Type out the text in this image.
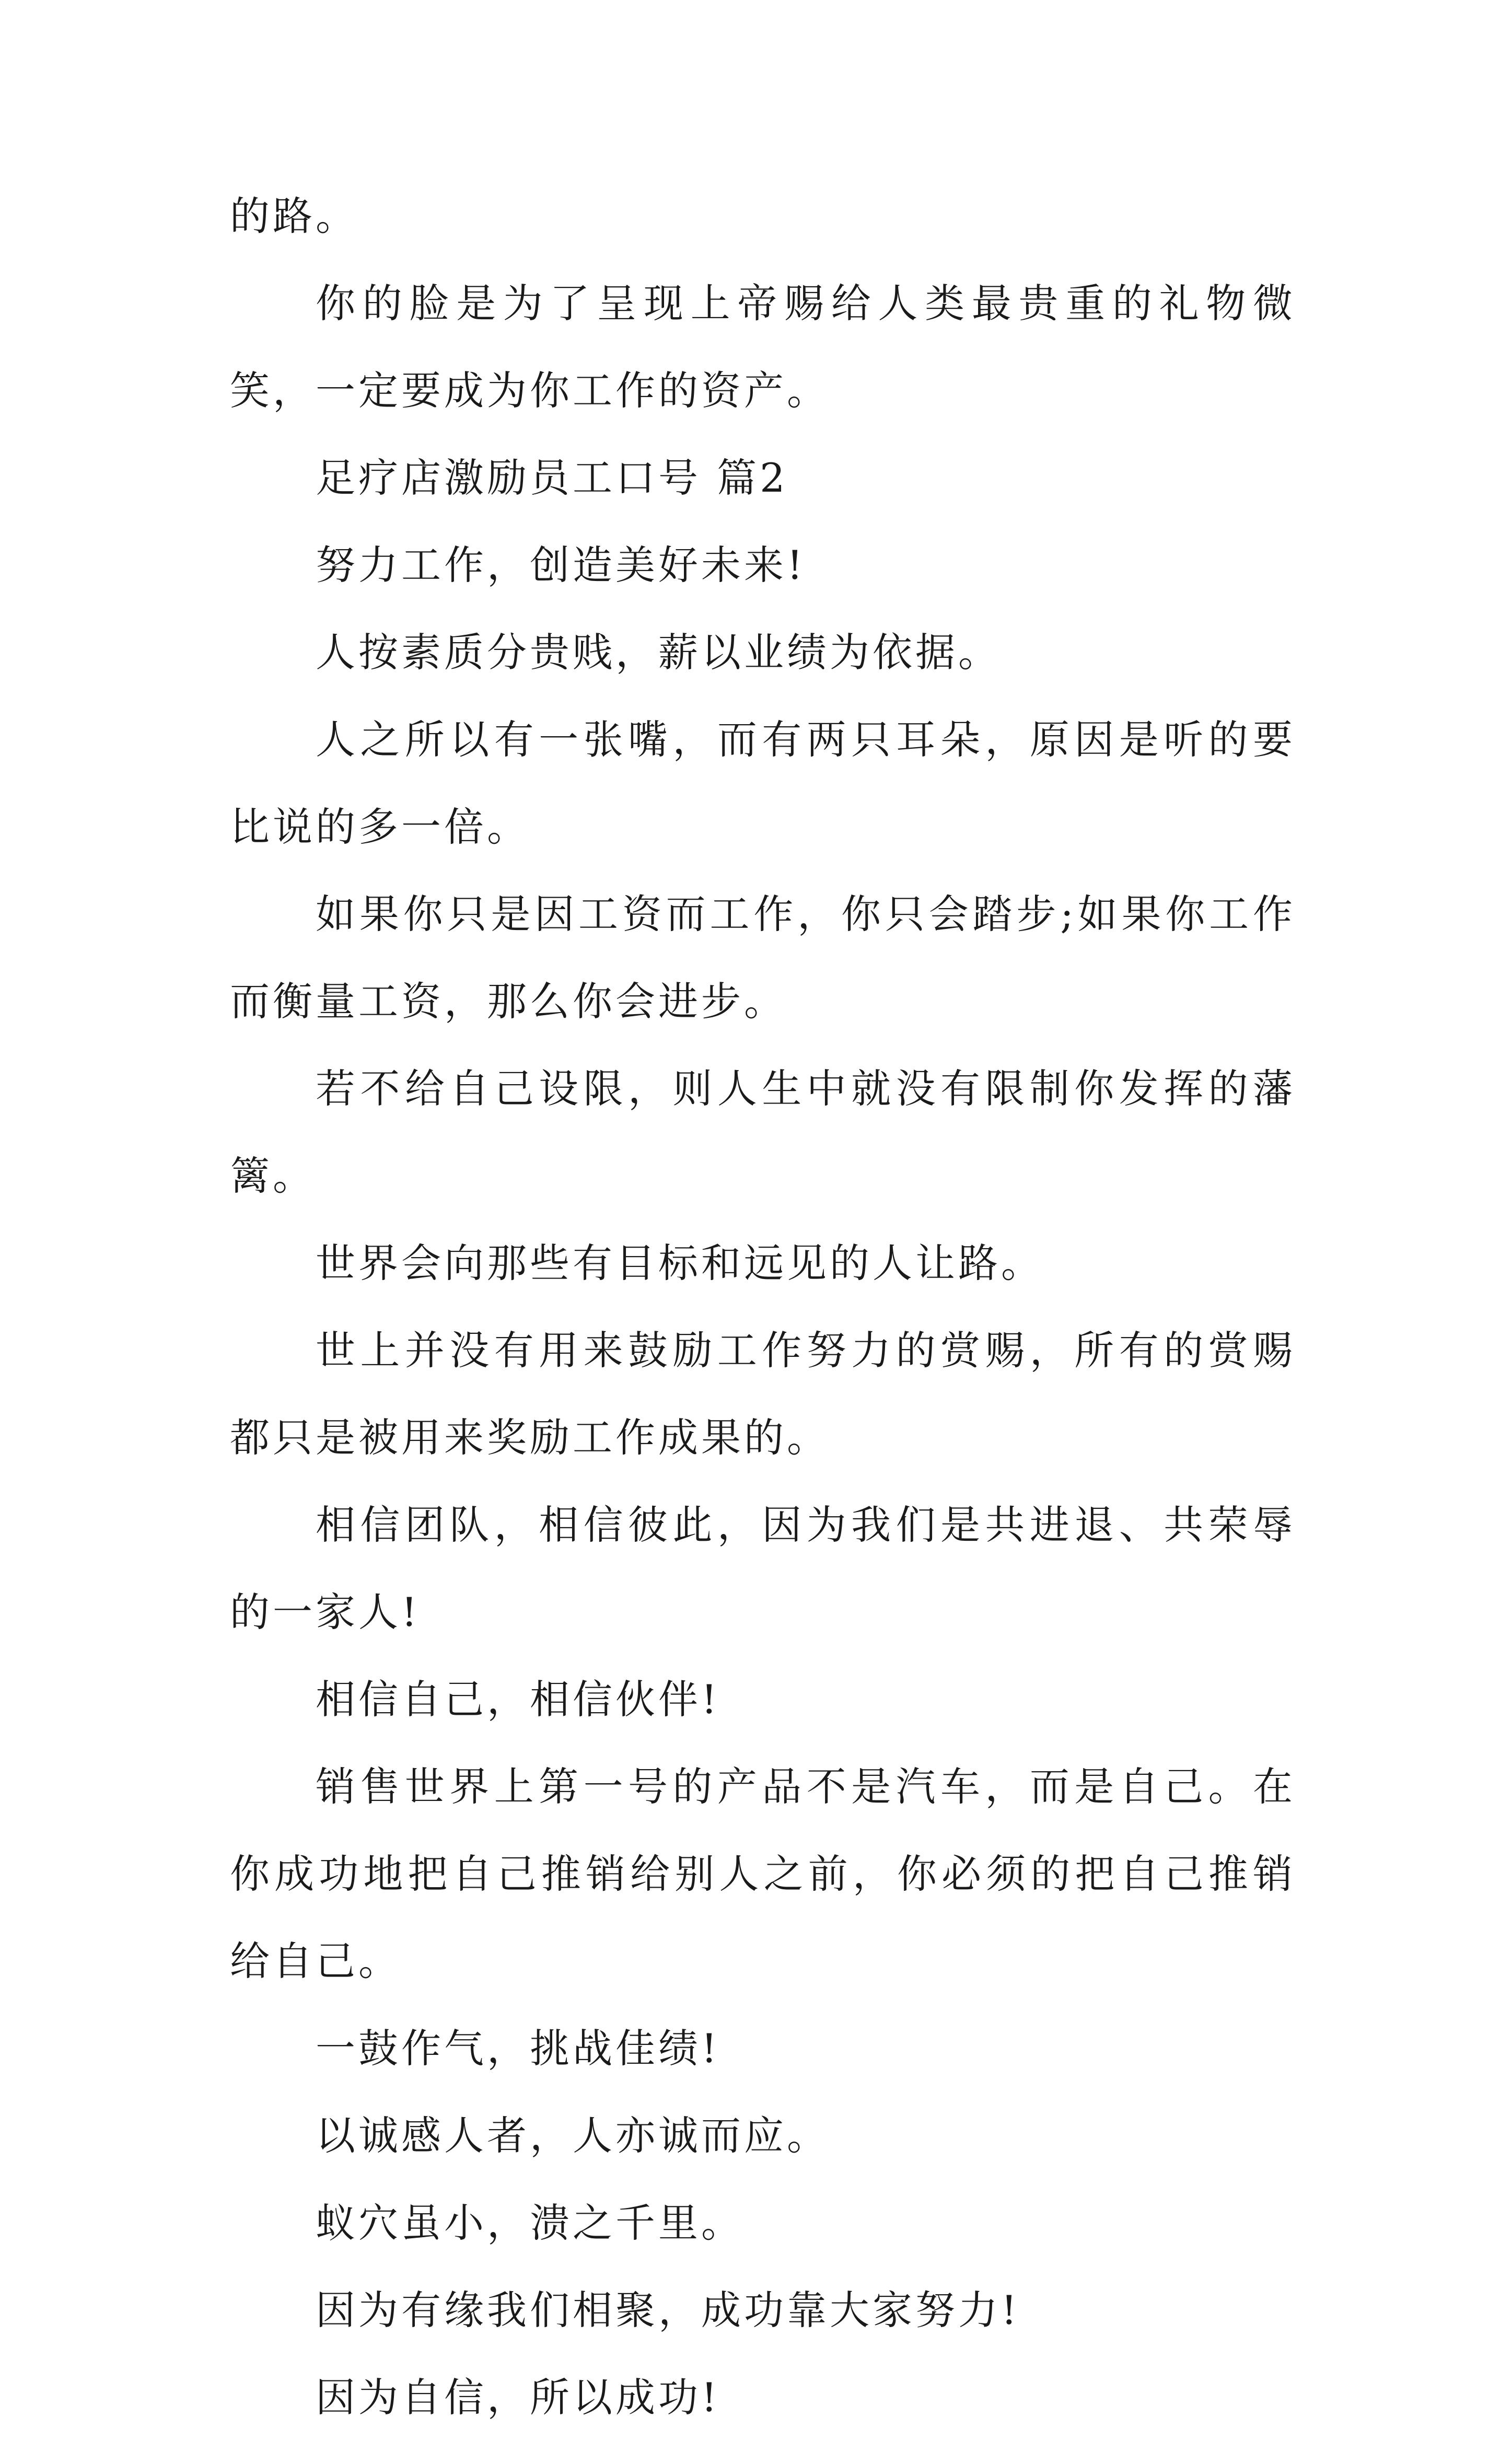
的路。

你的脸是为了呈现上帝赐给人类最贵重的礼物微笑，一定要成为你工作的资产。

足疗店激励员工口号 篇2

努力工作，创造美好未来!

人按素质分贵贱，薪以业绩为依据。

人之所以有一张嘴，而有两只耳朵，原因是听的要比说的多一倍。

如果你只是因工资而工作，你只会踏步;如果你工作而衡量工资，那么你会进步。

若不给自己设限，则人生中就没有限制你发挥的藩篱。

世界会向那些有目标和远见的人让路。

世上并没有用来鼓励工作努力的赏赐，所有的赏赐都只是被用来奖励工作成果的。

相信团队，相信彼此，因为我们是共进退、共荣辱的一家人!

相信自己，相信伙伴!

销售世界上第一号的产品不是汽车，而是自己。在你成功地把自己推销给别人之前，你必须的把自己推销给自己。

一鼓作气，挑战佳绩!

以诚感人者，人亦诚而应。

蚁穴虽小，溃之千里。

因为有缘我们相聚，成功靠大家努力!

因为自信，所以成功!
